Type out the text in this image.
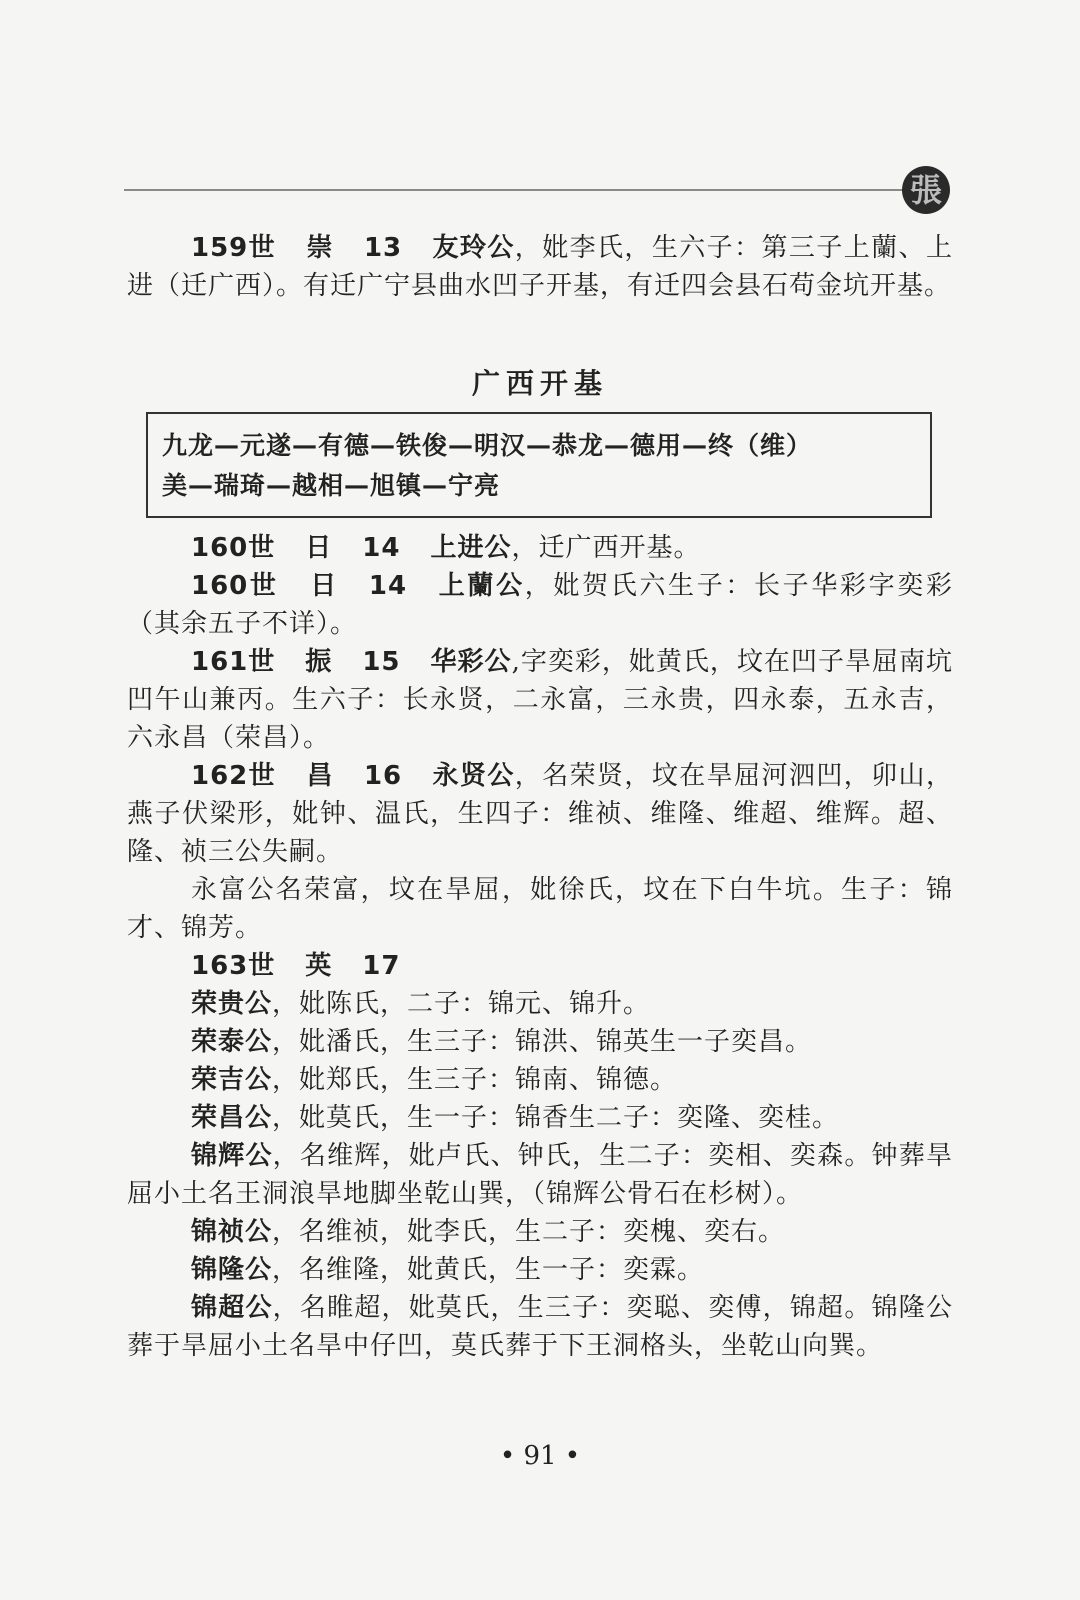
張

159世 崇 13 友玲公，妣李氏，生六子：第三子上蘭、上进（迁广西）。有迁广宁县曲水凹子开基，有迁四会县石苟金坑开基。

广西开基
九龙—元遂—有德—铁俊—明汉—恭龙—德用—终（维）
美—瑞琦—越相—旭镇—宁亮

160世 日 14 上进公，迁广西开基。

160世 日 14 上蘭公，妣贺氏六生子：长子华彩字奕彩（其余五子不详）。

161世 振 15 华彩公,字奕彩，妣黄氏，坟在凹子旱屈南坑凹午山兼丙。生六子：长永贤，二永富，三永贵，四永泰，五永吉，六永昌（荣昌）。

162世 昌 16 永贤公，名荣贤，坟在旱屈河泗凹，卯山，燕子伏梁形，妣钟、温氏，生四子：维祯、维隆、维超、维辉。超、隆、祯三公失嗣。

永富公名荣富，坟在旱屈，妣徐氏，坟在下白牛坑。生子：锦才、锦芳。

163世 英 17

荣贵公，妣陈氏，二子：锦元、锦升。

荣泰公，妣潘氏，生三子：锦洪、锦英生一子奕昌。

荣吉公，妣郑氏，生三子：锦南、锦德。

荣昌公，妣莫氏，生一子：锦香生二子：奕隆、奕桂。

锦辉公，名维辉，妣卢氏、钟氏，生二子：奕相、奕森。钟葬旱屈小土名王洞浪旱地脚坐乾山巽，（锦辉公骨石在杉树）。

锦祯公，名维祯，妣李氏，生二子：奕槐、奕右。

锦隆公，名维隆，妣黄氏，生一子：奕霖。

锦超公，名睢超，妣莫氏，生三子：奕聪、奕傅，锦超。锦隆公葬于旱屈小土名旱中仔凹，莫氏葬于下王洞格头，坐乾山向巽。

• 91 •
